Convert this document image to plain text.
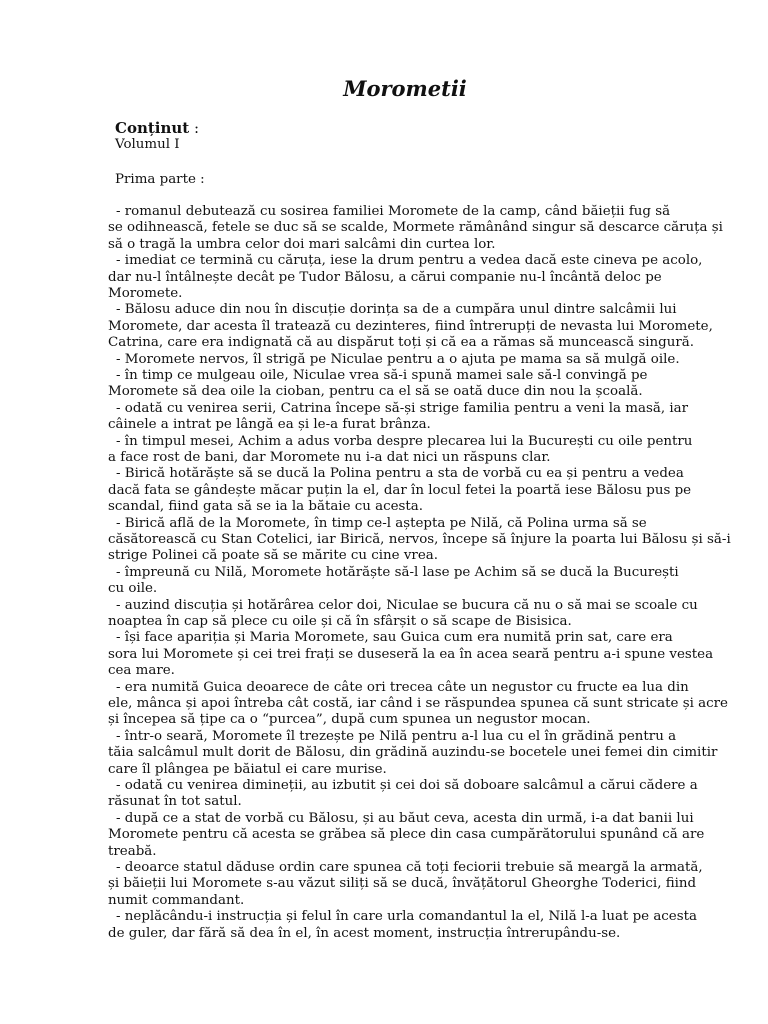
Morometii
Conținut :
Volumul I
Prima parte :
- romanul debutează cu sosirea familiei Moromete de la camp, când băieții fug să
se odihnească, fetele se duc să se scalde, Mormete rămânând singur să descarce căruța și
să o tragă la umbra celor doi mari salcâmi din curtea lor.
- imediat ce termină cu căruța, iese la drum pentru a vedea dacă este cineva pe acolo,
dar nu-l întâlnește decât pe Tudor Bălosu, a cărui companie nu-l încântă deloc pe
Moromete.
- Bălosu aduce din nou în discuție dorința sa de a cumpăra unul dintre salcâmii lui
Moromete, dar acesta îl tratează cu dezinteres, fiind întrerupți de nevasta lui Moromete,
Catrina, care era indignată că au dispărut toți și că ea a rămas să muncească singură.
- Moromete nervos, îl strigă pe Niculae pentru a o ajuta pe mama sa să mulgă oile.
- în timp ce mulgeau oile, Niculae vrea să-i spună mamei sale să-l convingă pe
Moromete să dea oile la cioban, pentru ca el să se oată duce din nou la școală.
- odată cu venirea serii, Catrina începe să-și strige familia pentru a veni la masă, iar
câinele a intrat pe lângă ea și le-a furat brânza.
- în timpul mesei, Achim a adus vorba despre plecarea lui la București cu oile pentru
a face rost de bani, dar Moromete nu i-a dat nici un răspuns clar.
- Birică hotărăște să se ducă la Polina pentru a sta de vorbă cu ea și pentru a vedea
dacă fata se gândește măcar puțin la el, dar în locul fetei la poartă iese Bălosu pus pe
scandal, fiind gata să se ia la bătaie cu acesta.
- Birică află de la Moromete, în timp ce-l aștepta pe Nilă, că Polina urma să se
căsătorească cu Stan Cotelici, iar Birică, nervos, începe să înjure la poarta lui Bălosu și să-i
strige Polinei că poate să se mărite cu cine vrea.
- împreună cu Nilă, Moromete hotărăște să-l lase pe Achim să se ducă la București
cu oile.
- auzind discuția și hotărârea celor doi, Niculae se bucura că nu o să mai se scoale cu
noaptea în cap să plece cu oile și că în sfârșit o să scape de Bisisica.
- își face apariția și Maria Moromete, sau Guica cum era numită prin sat, care era
sora lui Moromete și cei trei frați se duseseră la ea în acea seară pentru a-i spune vestea
cea mare.
- era numită Guica deoarece de câte ori trecea câte un negustor cu fructe ea lua din
ele, mânca și apoi întreba cât costă, iar când i se răspundea spunea că sunt stricate și acre
și începea să țipe ca o “purcea”, după cum spunea un negustor mocan.
- într-o seară, Moromete îl trezește pe Nilă pentru a-l lua cu el în grădină pentru a
tăia salcâmul mult dorit de Bălosu, din grădină auzindu-se bocetele unei femei din cimitir
care îl plângea pe băiatul ei care murise.
- odată cu venirea dimineții, au izbutit și cei doi să doboare salcâmul a cărui cădere a
răsunat în tot satul.
- după ce a stat de vorbă cu Bălosu, și au băut ceva, acesta din urmă, i-a dat banii lui
Moromete pentru că acesta se grăbea să plece din casa cumpărătorului spunând că are
treabă.
- deoarce statul dăduse ordin care spunea că toți feciorii trebuie să meargă la armată,
și băieții lui Moromete s-au văzut siliți să se ducă, învățătorul Gheorghe Toderici, fiind
numit commandant.
- neplăcându-i instrucția și felul în care urla comandantul la el, Nilă l-a luat pe acesta
de guler, dar fără să dea în el, în acest moment, instrucția întrerupându-se.
